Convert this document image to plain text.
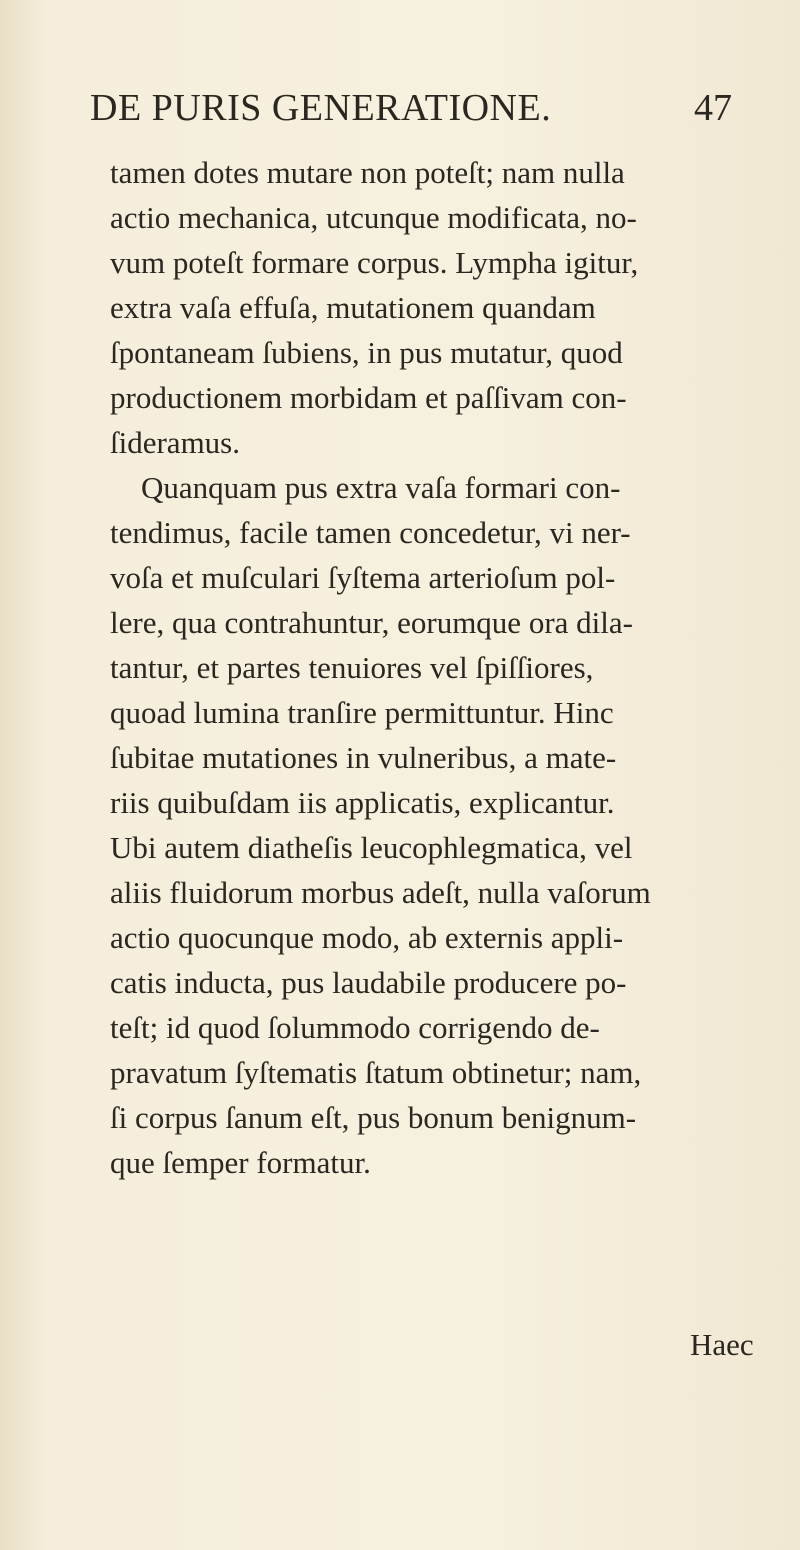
DE PURIS GENERATIONE.	47
tamen dotes mutare non poteſt; nam nulla
actio mechanica, utcunque modificata, no-
vum poteſt formare corpus. Lympha igitur,
extra vaſa effuſa, mutationem quandam
ſpontaneam ſubiens, in pus mutatur, quod
productionem morbidam et paſſivam con-
ſideramus.
Quanquam pus extra vaſa formari con-
tendimus, facile tamen concedetur, vi ner-
voſa et muſculari ſyſtema arterioſum pol-
lere, qua contrahuntur, eorumque ora dila-
tantur, et partes tenuiores vel ſpiſſiores,
quoad lumina tranſire permittuntur. Hinc
ſubitae mutationes in vulneribus, a mate-
riis quibuſdam iis applicatis, explicantur.
Ubi autem diatheſis leucophlegmatica, vel
aliis fluidorum morbus adeſt, nulla vaſorum
actio quocunque modo, ab externis appli-
catis inducta, pus laudabile producere po-
teſt; id quod ſolummodo corrigendo de-
pravatum ſyſtematis ſtatum obtinetur; nam,
ſi corpus ſanum eſt, pus bonum benignum-
que ſemper formatur.
Haec
